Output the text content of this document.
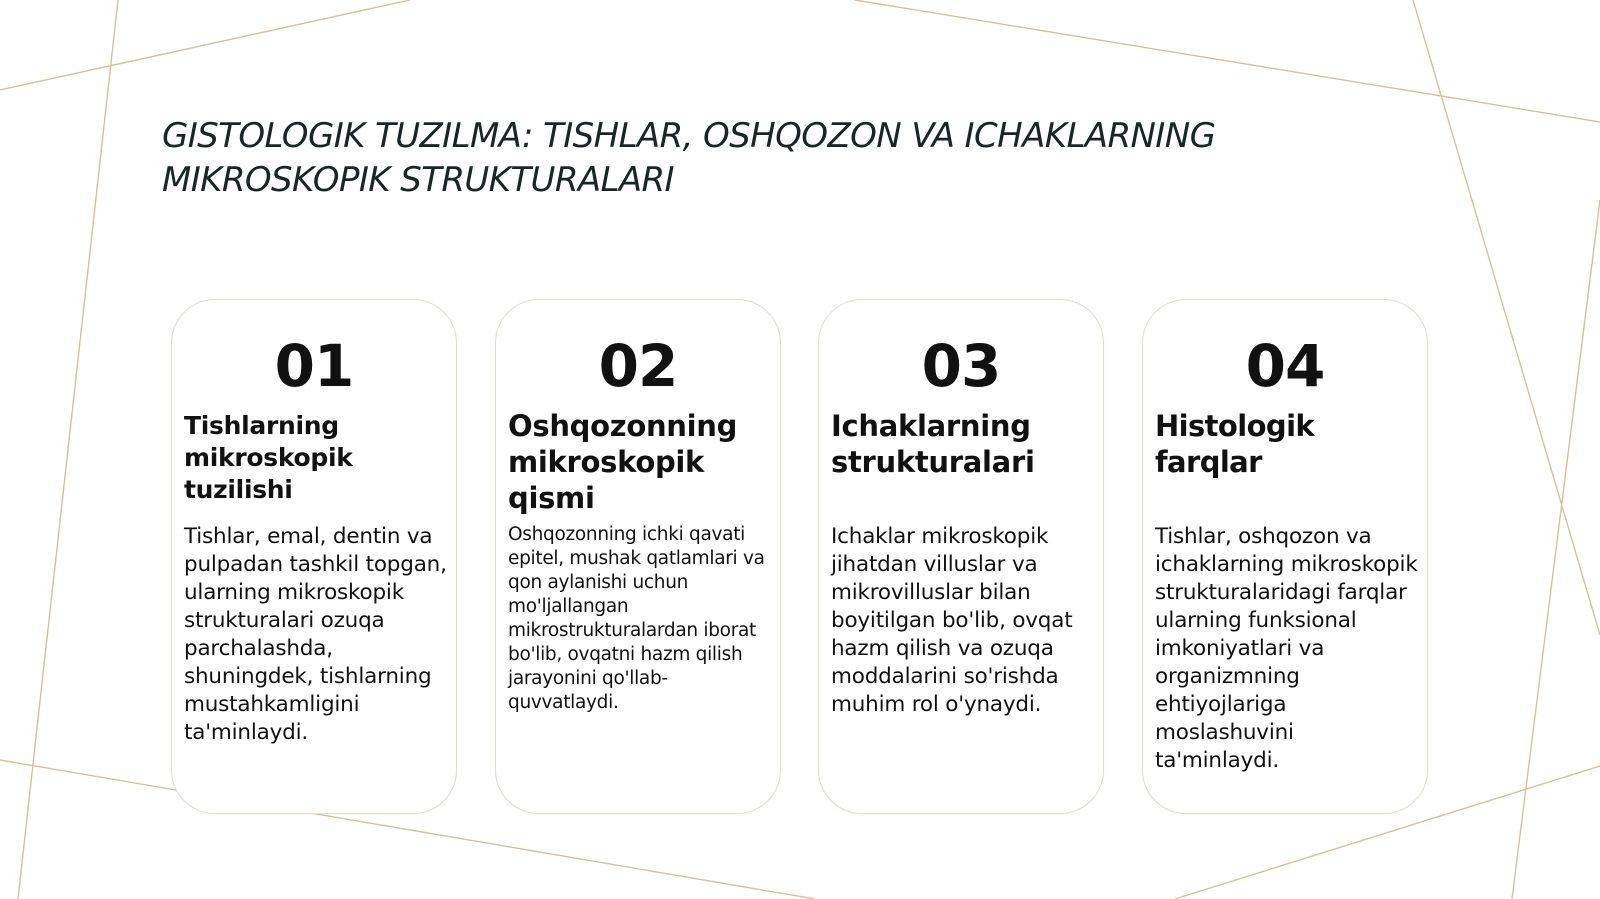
GISTOLOGIK TUZILMA: TISHLAR, OSHQOZON VA ICHAKLARNING MIKROSKOPIK STRUKTURALARI
01
Tishlarning mikroskopik tuzilishi
Tishlar, emal, dentin va pulpadan tashkil topgan, ularning mikroskopik strukturalari ozuqa parchalashda, shuningdek, tishlarning mustahkamligini ta'minlaydi.
02
Oshqozonning mikroskopik qismi
Oshqozonning ichki qavati epitel, mushak qatlamlari va qon aylanishi uchun mo'ljallangan mikrostrukturalardan iborat bo'lib, ovqatni hazm qilish jarayonini qo'llab-quvvatlaydi.
03
Ichaklarning strukturalari
Ichaklar mikroskopik jihatdan villuslar va mikrovilluslar bilan boyitilgan bo'lib, ovqat hazm qilish va ozuqa moddalarini so'rishda muhim rol o'ynaydi.
04
Histologik farqlar
Tishlar, oshqozon va ichaklarning mikroskopik strukturalaridagi farqlar ularning funksional imkoniyatlari va organizmning ehtiyojlariga moslashuvini ta'minlaydi.
